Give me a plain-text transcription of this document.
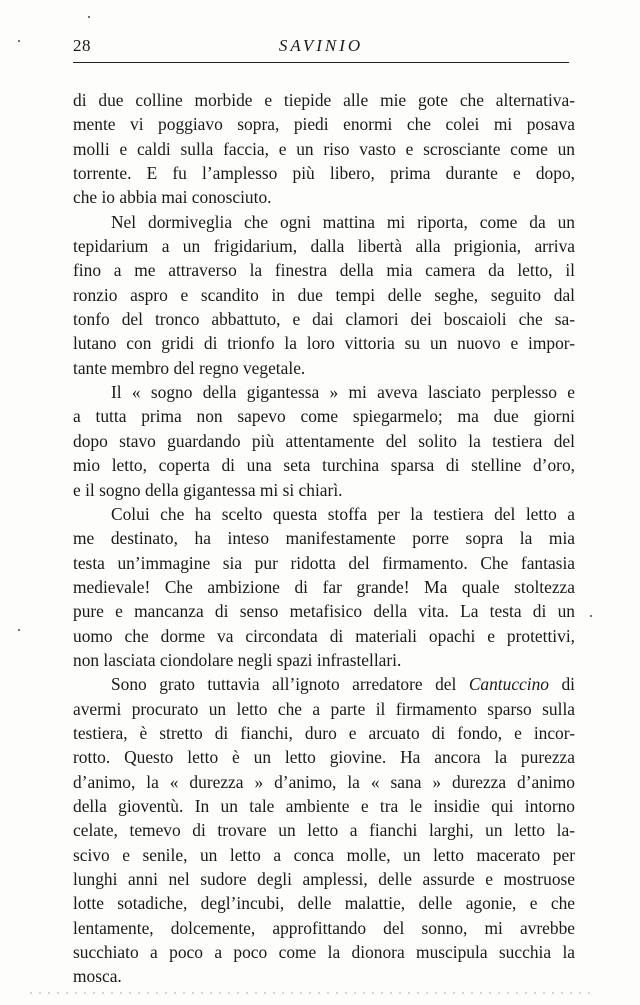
28	SAVINIO
di due colline morbide e tiepide alle mie gote che alternativa-
mente vi poggiavo sopra, piedi enormi che colei mi posava
molli e caldi sulla faccia, e un riso vasto e scrosciante come un
torrente. E fu l’amplesso più libero, prima durante e dopo,
che io abbia mai conosciuto.
Nel dormiveglia che ogni mattina mi riporta, come da un
tepidarium a un frigidarium, dalla libertà alla prigionia, arriva
fino a me attraverso la finestra della mia camera da letto, il
ronzio aspro e scandito in due tempi delle seghe, seguito dal
tonfo del tronco abbattuto, e dai clamori dei boscaioli che sa-
lutano con gridi di trionfo la loro vittoria su un nuovo e impor-
tante membro del regno vegetale.
Il « sogno della gigantessa » mi aveva lasciato perplesso e
a tutta prima non sapevo come spiegarmelo; ma due giorni
dopo stavo guardando più attentamente del solito la testiera del
mio letto, coperta di una seta turchina sparsa di stelline d’oro,
e il sogno della gigantessa mi si chiarì.
Colui che ha scelto questa stoffa per la testiera del letto a
me destinato, ha inteso manifestamente porre sopra la mia
testa un’immagine sia pur ridotta del firmamento. Che fantasia
medievale! Che ambizione di far grande! Ma quale stoltezza
pure e mancanza di senso metafisico della vita. La testa di un
uomo che dorme va circondata di materiali opachi e protettivi,
non lasciata ciondolare negli spazi infrastellari.
Sono grato tuttavia all’ignoto arredatore del Cantuccino di
avermi procurato un letto che a parte il firmamento sparso sulla
testiera, è stretto di fianchi, duro e arcuato di fondo, e incor-
rotto. Questo letto è un letto giovine. Ha ancora la purezza
d’animo, la « durezza » d’animo, la « sana » durezza d’animo
della gioventù. In un tale ambiente e tra le insidie qui intorno
celate, temevo di trovare un letto a fianchi larghi, un letto la-
scivo e senile, un letto a conca molle, un letto macerato per
lunghi anni nel sudore degli amplessi, delle assurde e mostruose
lotte sotadiche, degl’incubi, delle malattie, delle agonie, e che
lentamente, dolcemente, approfittando del sonno, mi avrebbe
succhiato a poco a poco come la dionora muscipula succhia la
mosca.
